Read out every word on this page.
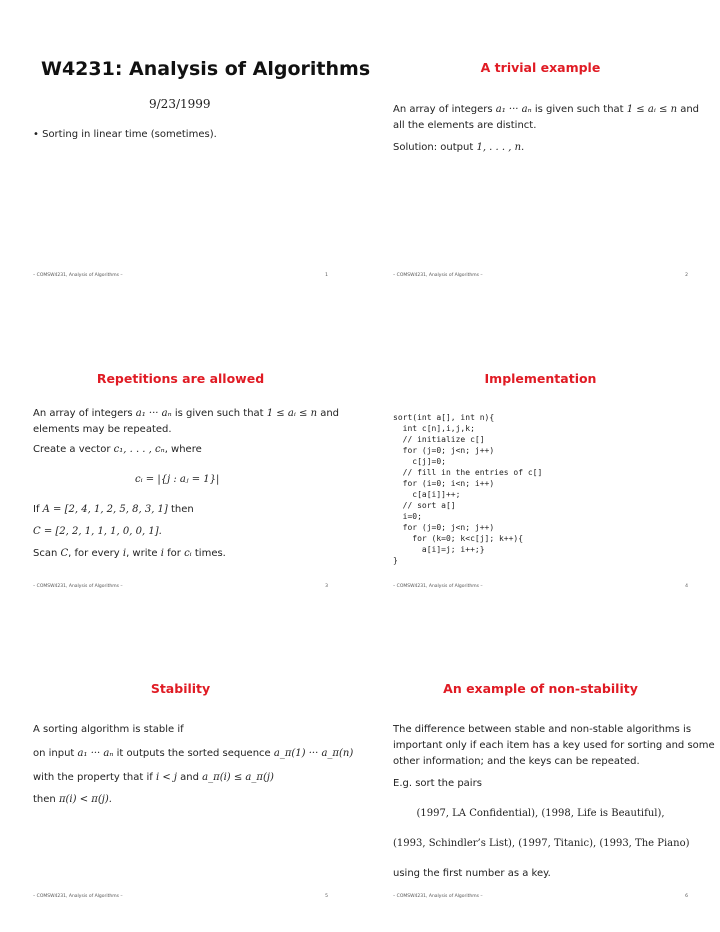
W4231: Analysis of Algorithms
9/23/1999
• Sorting in linear time (sometimes).
– COMSW4231, Analysis of Algorithms –	1
A trivial example
An array of integers a₁ ··· aₙ is given such that 1 ≤ aᵢ ≤ n and
all the elements are distinct.
Solution: output 1, . . . , n.
– COMSW4231, Analysis of Algorithms –	2
Repetitions are allowed
An array of integers a₁ ··· aₙ is given such that 1 ≤ aᵢ ≤ n and
elements may be repeated.
Create a vector c₁, . . . , cₙ, where
cᵢ = |{j : aⱼ = 1}|
If A = [2, 4, 1, 2, 5, 8, 3, 1] then
C = [2, 2, 1, 1, 1, 0, 0, 1].
Scan C, for every i, write i for cᵢ times.
– COMSW4231, Analysis of Algorithms –	3
Implementation
sort(int a[], int n){
int c[n],i,j,k;
// initialize c[]
for (j=0; j<n; j++)
c[j]=0;
// fill in the entries of c[]
for (i=0; i<n; i++)
c[a[i]]++;
// sort a[]
i=0;
for (j=0; j<n; j++)
for (k=0; k<c[j]; k++){
a[i]=j; i++;}
}
– COMSW4231, Analysis of Algorithms –	4
Stability
A sorting algorithm is stable if
on input a₁ ··· aₙ it outputs the sorted sequence a_π(1) ··· a_π(n)
with the property that if i < j and a_π(i) ≤ a_π(j)
then π(i) < π(j).
– COMSW4231, Analysis of Algorithms –	5
An example of non-stability
The difference between stable and non-stable algorithms is
important only if each item has a key used for sorting and some
other information; and the keys can be repeated.
E.g. sort the pairs
(1997, LA Confidential), (1998, Life is Beautiful),
(1993, Schindler’s List), (1997, Titanic), (1993, The Piano)
using the first number as a key.
– COMSW4231, Analysis of Algorithms –	6
